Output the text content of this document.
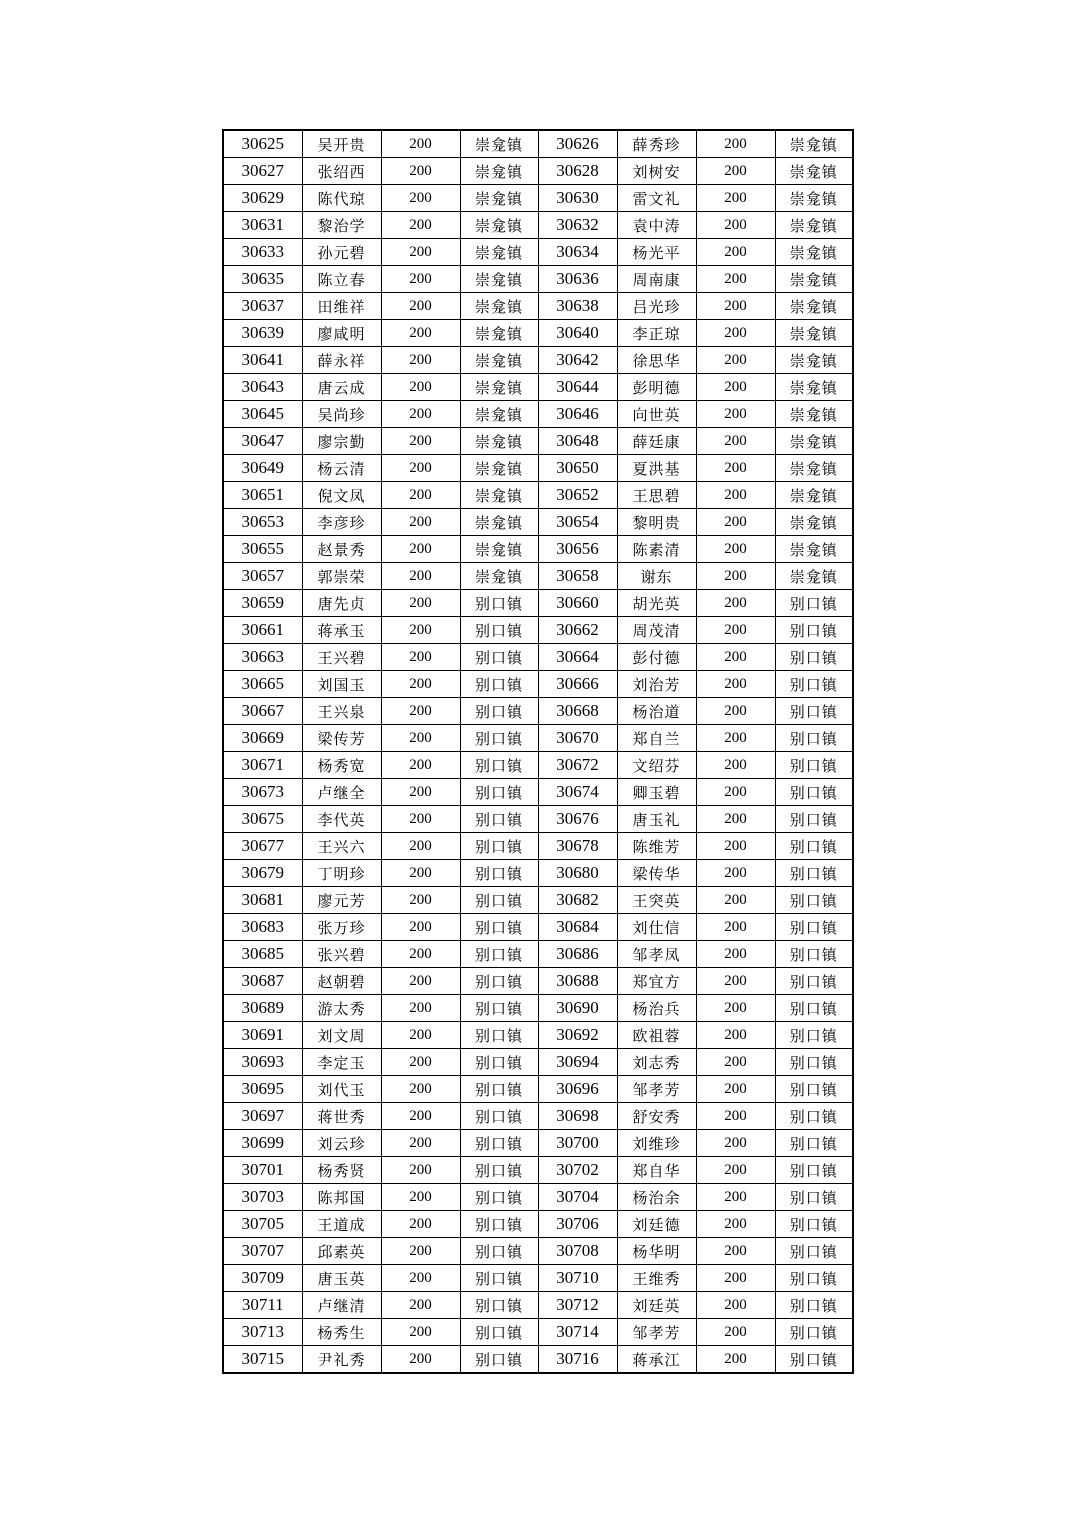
30625	吴开贵	200	崇龛镇	30626	薛秀珍	200	崇龛镇
30627	张绍西	200	崇龛镇	30628	刘树安	200	崇龛镇
30629	陈代琼	200	崇龛镇	30630	雷文礼	200	崇龛镇
30631	黎治学	200	崇龛镇	30632	袁中涛	200	崇龛镇
30633	孙元碧	200	崇龛镇	30634	杨光平	200	崇龛镇
30635	陈立春	200	崇龛镇	30636	周南康	200	崇龛镇
30637	田维祥	200	崇龛镇	30638	吕光珍	200	崇龛镇
30639	廖咸明	200	崇龛镇	30640	李正琼	200	崇龛镇
30641	薛永祥	200	崇龛镇	30642	徐思华	200	崇龛镇
30643	唐云成	200	崇龛镇	30644	彭明德	200	崇龛镇
30645	吴尚珍	200	崇龛镇	30646	向世英	200	崇龛镇
30647	廖宗勤	200	崇龛镇	30648	薛廷康	200	崇龛镇
30649	杨云清	200	崇龛镇	30650	夏洪基	200	崇龛镇
30651	倪文凤	200	崇龛镇	30652	王思碧	200	崇龛镇
30653	李彦珍	200	崇龛镇	30654	黎明贵	200	崇龛镇
30655	赵景秀	200	崇龛镇	30656	陈素清	200	崇龛镇
30657	郭崇荣	200	崇龛镇	30658	谢东	200	崇龛镇
30659	唐先贞	200	别口镇	30660	胡光英	200	别口镇
30661	蒋承玉	200	别口镇	30662	周茂清	200	别口镇
30663	王兴碧	200	别口镇	30664	彭付德	200	别口镇
30665	刘国玉	200	别口镇	30666	刘治芳	200	别口镇
30667	王兴泉	200	别口镇	30668	杨治道	200	别口镇
30669	梁传芳	200	别口镇	30670	郑自兰	200	别口镇
30671	杨秀宽	200	别口镇	30672	文绍芬	200	别口镇
30673	卢继全	200	别口镇	30674	卿玉碧	200	别口镇
30675	李代英	200	别口镇	30676	唐玉礼	200	别口镇
30677	王兴六	200	别口镇	30678	陈维芳	200	别口镇
30679	丁明珍	200	别口镇	30680	梁传华	200	别口镇
30681	廖元芳	200	别口镇	30682	王突英	200	别口镇
30683	张万珍	200	别口镇	30684	刘仕信	200	别口镇
30685	张兴碧	200	别口镇	30686	邹孝凤	200	别口镇
30687	赵朝碧	200	别口镇	30688	郑宜方	200	别口镇
30689	游太秀	200	别口镇	30690	杨治兵	200	别口镇
30691	刘文周	200	别口镇	30692	欧祖蓉	200	别口镇
30693	李定玉	200	别口镇	30694	刘志秀	200	别口镇
30695	刘代玉	200	别口镇	30696	邹孝芳	200	别口镇
30697	蒋世秀	200	别口镇	30698	舒安秀	200	别口镇
30699	刘云珍	200	别口镇	30700	刘维珍	200	别口镇
30701	杨秀贤	200	别口镇	30702	郑自华	200	别口镇
30703	陈邦国	200	别口镇	30704	杨治余	200	别口镇
30705	王道成	200	别口镇	30706	刘廷德	200	别口镇
30707	邱素英	200	别口镇	30708	杨华明	200	别口镇
30709	唐玉英	200	别口镇	30710	王维秀	200	别口镇
30711	卢继清	200	别口镇	30712	刘廷英	200	别口镇
30713	杨秀生	200	别口镇	30714	邹孝芳	200	别口镇
30715	尹礼秀	200	别口镇	30716	蒋承江	200	别口镇
